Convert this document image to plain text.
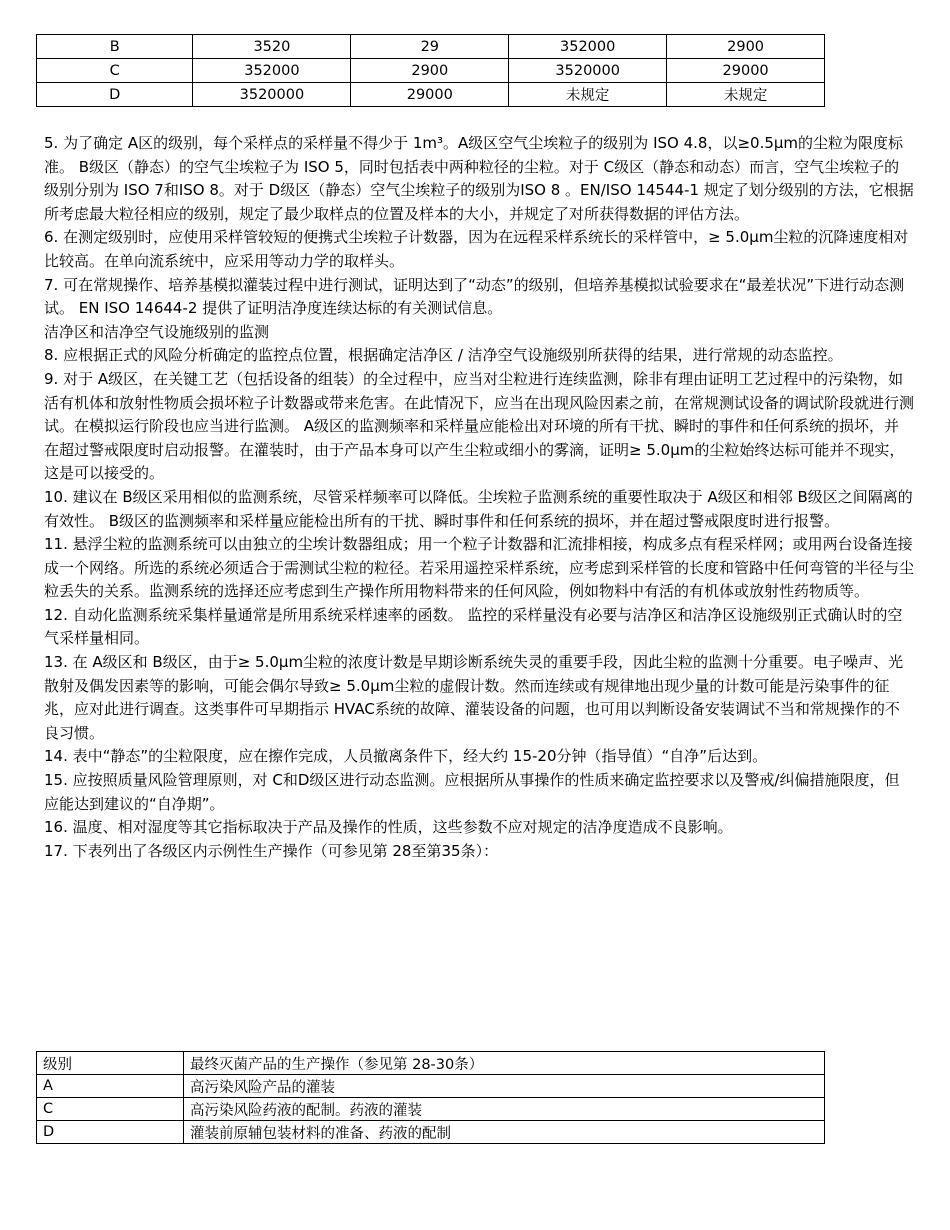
B	3520	29	352000	2900
C	352000	2900	3520000	29000
D	3520000	29000	未规定	未规定

5. 为了确定 A区的级别，每个采样点的采样量不得少于 1m³。A级区空气尘埃粒子的级别为 ISO 4.8，以≥0.5μm的尘粒为限度标准。 B级区（静态）的空气尘埃粒子为 ISO 5，同时包括表中两种粒径的尘粒。对于 C级区（静态和动态）而言，空气尘埃粒子的级别分别为 ISO 7和ISO 8。对于 D级区（静态）空气尘埃粒子的级别为ISO 8 。EN/ISO 14544-1 规定了划分级别的方法，它根据所考虑最大粒径相应的级别，规定了最少取样点的位置及样本的大小，并规定了对所获得数据的评估方法。

6. 在测定级别时，应使用采样管较短的便携式尘埃粒子计数器，因为在远程采样系统长的采样管中，≥ 5.0μm尘粒的沉降速度相对比较高。在单向流系统中，应采用等动力学的取样头。

7. 可在常规操作、培养基模拟灌装过程中进行测试，证明达到了“动态”的级别，但培养基模拟试验要求在“最差状况”下进行动态测试。 EN ISO 14644-2 提供了证明洁净度连续达标的有关测试信息。

洁净区和洁净空气设施级别的监测

8. 应根据正式的风险分析确定的监控点位置，根据确定洁净区 / 洁净空气设施级别所获得的结果，进行常规的动态监控。

9. 对于 A级区，在关键工艺（包括设备的组装）的全过程中，应当对尘粒进行连续监测，除非有理由证明工艺过程中的污染物，如活有机体和放射性物质会损坏粒子计数器或带来危害。在此情况下，应当在出现风险因素之前，在常规测试设备的调试阶段就进行测试。在模拟运行阶段也应当进行监测。 A级区的监测频率和采样量应能检出对环境的所有干扰、瞬时的事件和任何系统的损坏，并在超过警戒限度时启动报警。在灌装时，由于产品本身可以产生尘粒或细小的雾滴，证明≥ 5.0μm的尘粒始终达标可能并不现实，这是可以接受的。

10. 建议在 B级区采用相似的监测系统，尽管采样频率可以降低。尘埃粒子监测系统的重要性取决于 A级区和相邻 B级区之间隔离的有效性。 B级区的监测频率和采样量应能检出所有的干扰、瞬时事件和任何系统的损坏，并在超过警戒限度时进行报警。

11. 悬浮尘粒的监测系统可以由独立的尘埃计数器组成；用一个粒子计数器和汇流排相接，构成多点有程采样网；或用两台设备连接成一个网络。所选的系统必须适合于需测试尘粒的粒径。若采用遥控采样系统，应考虑到采样管的长度和管路中任何弯管的半径与尘粒丢失的关系。监测系统的选择还应考虑到生产操作所用物料带来的任何风险，例如物料中有活的有机体或放射性药物质等。

12. 自动化监测系统采集样量通常是所用系统采样速率的函数。 监控的采样量没有必要与洁净区和洁净区设施级别正式确认时的空气采样量相同。

13. 在 A级区和 B级区，由于≥ 5.0μm尘粒的浓度计数是早期诊断系统失灵的重要手段，因此尘粒的监测十分重要。电子噪声、光散射及偶发因素等的影响，可能会偶尔导致≥ 5.0μm尘粒的虚假计数。然而连续或有规律地出现少量的计数可能是污染事件的征兆，应对此进行调查。这类事件可早期指示 HVAC系统的故障、灌装设备的问题，也可用以判断设备安装调试不当和常规操作的不良习惯。

14. 表中“静态”的尘粒限度，应在擦作完成，人员撤离条件下，经大约 15-20分钟（指导值）“自净”后达到。

15. 应按照质量风险管理原则，对 C和D级区进行动态监测。应根据所从事操作的性质来确定监控要求以及警戒/纠偏措施限度，但应能达到建议的“自净期”。

16. 温度、相对湿度等其它指标取决于产品及操作的性质，这些参数不应对规定的洁净度造成不良影响。

17. 下表列出了各级区内示例性生产操作（可参见第 28至第35条）：

级别	最终灭菌产品的生产操作（参见第 28-30条）
A	高污染风险产品的灌装
C	高污染风险药液的配制。药液的灌装
D	灌装前原辅包装材料的准备、药液的配制
